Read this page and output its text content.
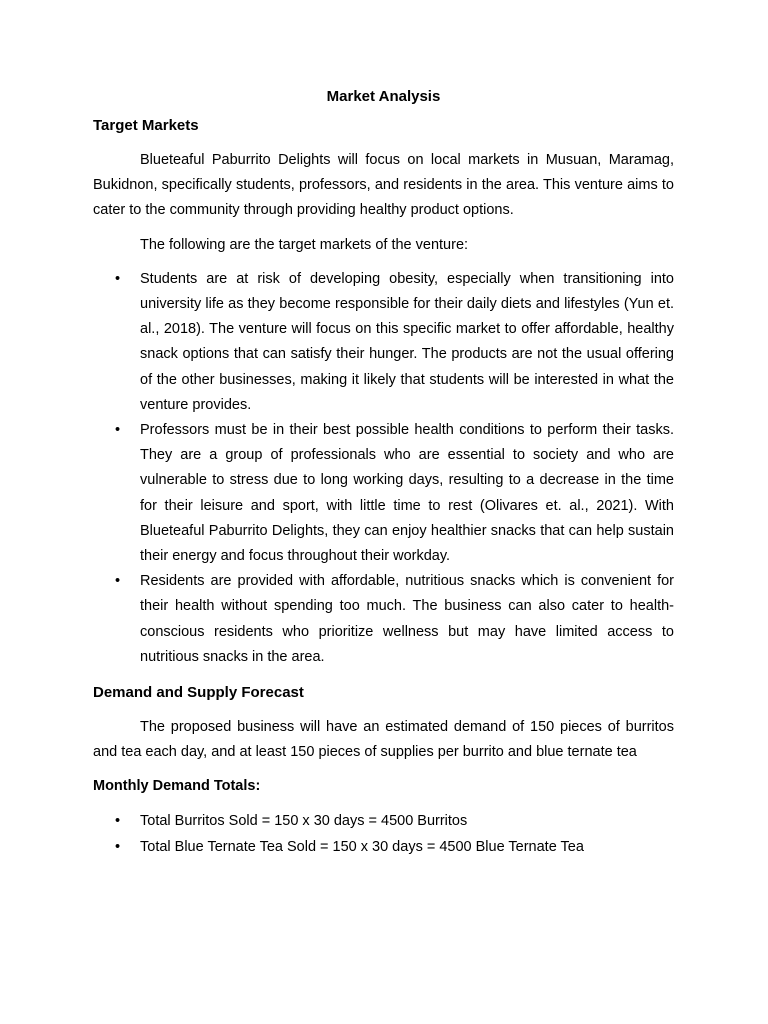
Market Analysis
Target Markets

Blueteaful Paburrito Delights will focus on local markets in Musuan, Maramag, Bukidnon, specifically students, professors, and residents in the area. This venture aims to cater to the community through providing healthy product options.

The following are the target markets of the venture:

• Students are at risk of developing obesity, especially when transitioning into university life as they become responsible for their daily diets and lifestyles (Yun et. al., 2018). The venture will focus on this specific market to offer affordable, healthy snack options that can satisfy their hunger. The products are not the usual offering of the other businesses, making it likely that students will be interested in what the venture provides.
• Professors must be in their best possible health conditions to perform their tasks. They are a group of professionals who are essential to society and who are vulnerable to stress due to long working days, resulting to a decrease in the time for their leisure and sport, with little time to rest (Olivares et. al., 2021). With Blueteaful Paburrito Delights, they can enjoy healthier snacks that can help sustain their energy and focus throughout their workday.
• Residents are provided with affordable, nutritious snacks which is convenient for their health without spending too much. The business can also cater to health-conscious residents who prioritize wellness but may have limited access to nutritious snacks in the area.
Demand and Supply Forecast

The proposed business will have an estimated demand of 150 pieces of burritos and tea each day, and at least 150 pieces of supplies per burrito and blue ternate tea

Monthly Demand Totals:
• Total Burritos Sold = 150 x 30 days = 4500 Burritos
• Total Blue Ternate Tea Sold = 150 x 30 days = 4500 Blue Ternate Tea
